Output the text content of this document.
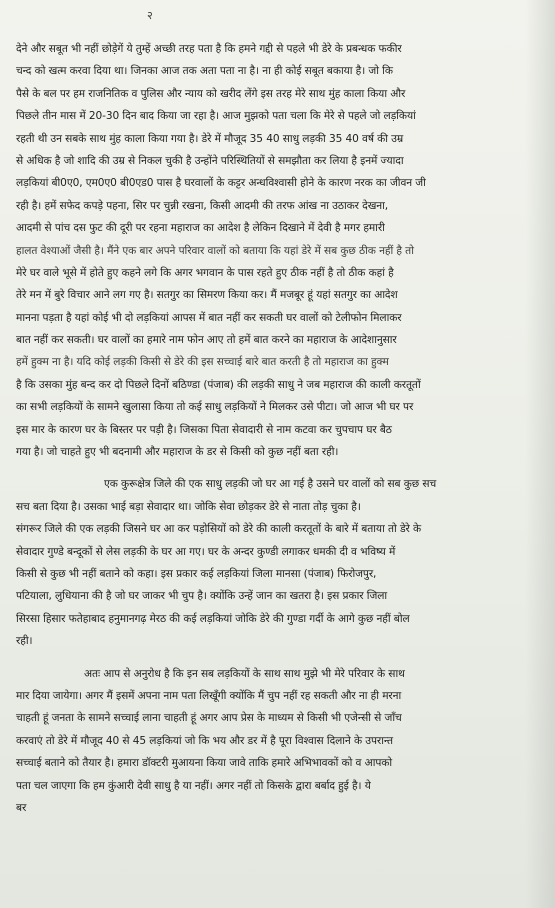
२
देने और सबूत भी नहीं छोड़ेगें ये तुम्हें अच्छी तरह पता है कि हमने गद्दी से पहले भी डेरे के प्रबन्धक फकीर
चन्द को खत्म करवा दिया था। जिनका आज तक अता पता ना है। ना ही कोई सबूत बकाया है। जो कि
पैसे के बल पर हम राजनितिक व पुलिस और न्याय को खरीद लेंगे इस तरह मेरे साथ मुंह काला किया और
पिछले तीन मास में 20-30 दिन बाद किया जा रहा है। आज मुझको पता चला कि मेरे से पहले जो लड़कियां
रहती थी उन सबके साथ मुंह काला किया गया है। डेरे में मौजूद 35 40 साधु लड़की 35 40 वर्ष की उम्र
से अधिक है जो शादि की उम्र से निकल चुकी है उन्होंने परिस्थितियों से समझौता कर लिया है इनमें ज्यादा
लड़कियां बी0ए0, एम0ए0 बी0एड0 पास है घरवालों के कट्टर अन्धविश्वासी होने के कारण नरक का जीवन जी
रही है। हमें सफेद कपड़े पहना, सिर पर चुन्नी रखना, किसी आदमी की तरफ आंख ना उठाकर देखना,
आदमी से पांच दस फुट की दूरी पर रहना महाराज का आदेश है लेकिन दिखाने में देवी है मगर हमारी
हालत वेश्याओं जैसी है। मैंने एक बार अपने परिवार वालों को बताया कि यहां डेरे में सब कुछ ठीक नहीं है तो
मेरे घर वाले भूसे में होते हुए कहने लगे कि अगर भगवान के पास रहते हुए ठीक नहीं है तो ठीक कहां है
तेरे मन में बुरे विचार आने लग गए है। सतगुर का सिमरण किया कर। मैं मजबूर हूं यहां सतगुर का आदेश
मानना पड़ता है यहां कोई भी दो लड़कियां आपस में बात नहीं कर सकती घर वालों को टेलीफोन मिलाकर
बात नहीं कर सकती। घर वालों का हमारे नाम फोन आए तो हमें बात करने का महाराज के आदेशानुसार
हमें हुक्म ना है। यदि कोई लड़की किसी से डेरे की इस सच्चाई बारे बात करती है तो महाराज का हुक्म
है कि उसका मुंह बन्द कर दो पिछले दिनों बठिण्डा (पंजाब) की लड़की साधु ने जब महाराज की काली करतूतों
का सभी लड़कियों के सामने खुलासा किया तो कई साधु लड़कियों ने मिलकर उसे पीटा। जो आज भी घर पर
इस मार के कारण घर के बिस्तर पर पड़ी है। जिसका पिता सेवादारी से नाम कटवा कर चुपचाप घर बैठ
गया है। जो चाहते हुए भी बदनामी और महाराज के डर से किसी को कुछ नहीं बता रही।
एक कुरूक्षेत्र जिले की एक साधु लड़की जो घर आ गई है उसने घर वालों को सब कुछ सच
सच बता दिया है। उसका भाई बड़ा सेवादार था। जोकि सेवा छोड़कर डेरे से नाता तोड़ चुका है।
संगरूर जिले की एक लड़की जिसने घर आ कर पड़ोसियों को डेरे की काली करतूतों के बारे में बताया तो डेरे के
सेवादार गुण्डे बन्दूकों से लेस लड़की के घर आ गए। घर के अन्दर कुण्डी लगाकर धमकी दी व भविष्य में
किसी से कुछ भी नहीं बताने को कहा। इस प्रकार कई लड़कियां जिला मानसा (पंजाब) फिरोजपुर,
पटियाला, लुधियाना की है जो घर जाकर भी चुप है। क्योंकि उन्हें जान का खतरा है। इस प्रकार जिला
सिरसा हिसार फतेहाबाद हनुमानगढ़ मेरठ की कई लड़कियां जोकि डेरे की गुण्डा गर्दी के आगे कुछ नहीं बोल
रही।
अतः आप से अनुरोध है कि इन सब लड़कियों के साथ साथ मुझे भी मेरे परिवार के साथ
मार दिया जायेगा। अगर मैं इसमें अपना नाम पता लिखूँगी क्योंकि मैं चुप नहीं रह सकती और ना ही मरना
चाहती हूं जनता के सामने सच्चाई लाना चाहती हूं अगर आप प्रेस के माध्यम से किसी भी एजेन्सी से जाँच
करवाएं तो डेरे में मौजूद 40 से 45 लड़कियां जो कि भय और डर में है पूरा विश्वास दिलाने के उपरान्त
सच्चाई बताने को तैयार है। हमारा डॉक्टरी मुआयना किया जावे ताकि हमारे अभिभावकों को व आपको
पता चल जाएगा कि हम कुंआरी देवी साधु है या नहीं। अगर नहीं तो किसके द्वारा बर्बाद हुई है। ये
बर
